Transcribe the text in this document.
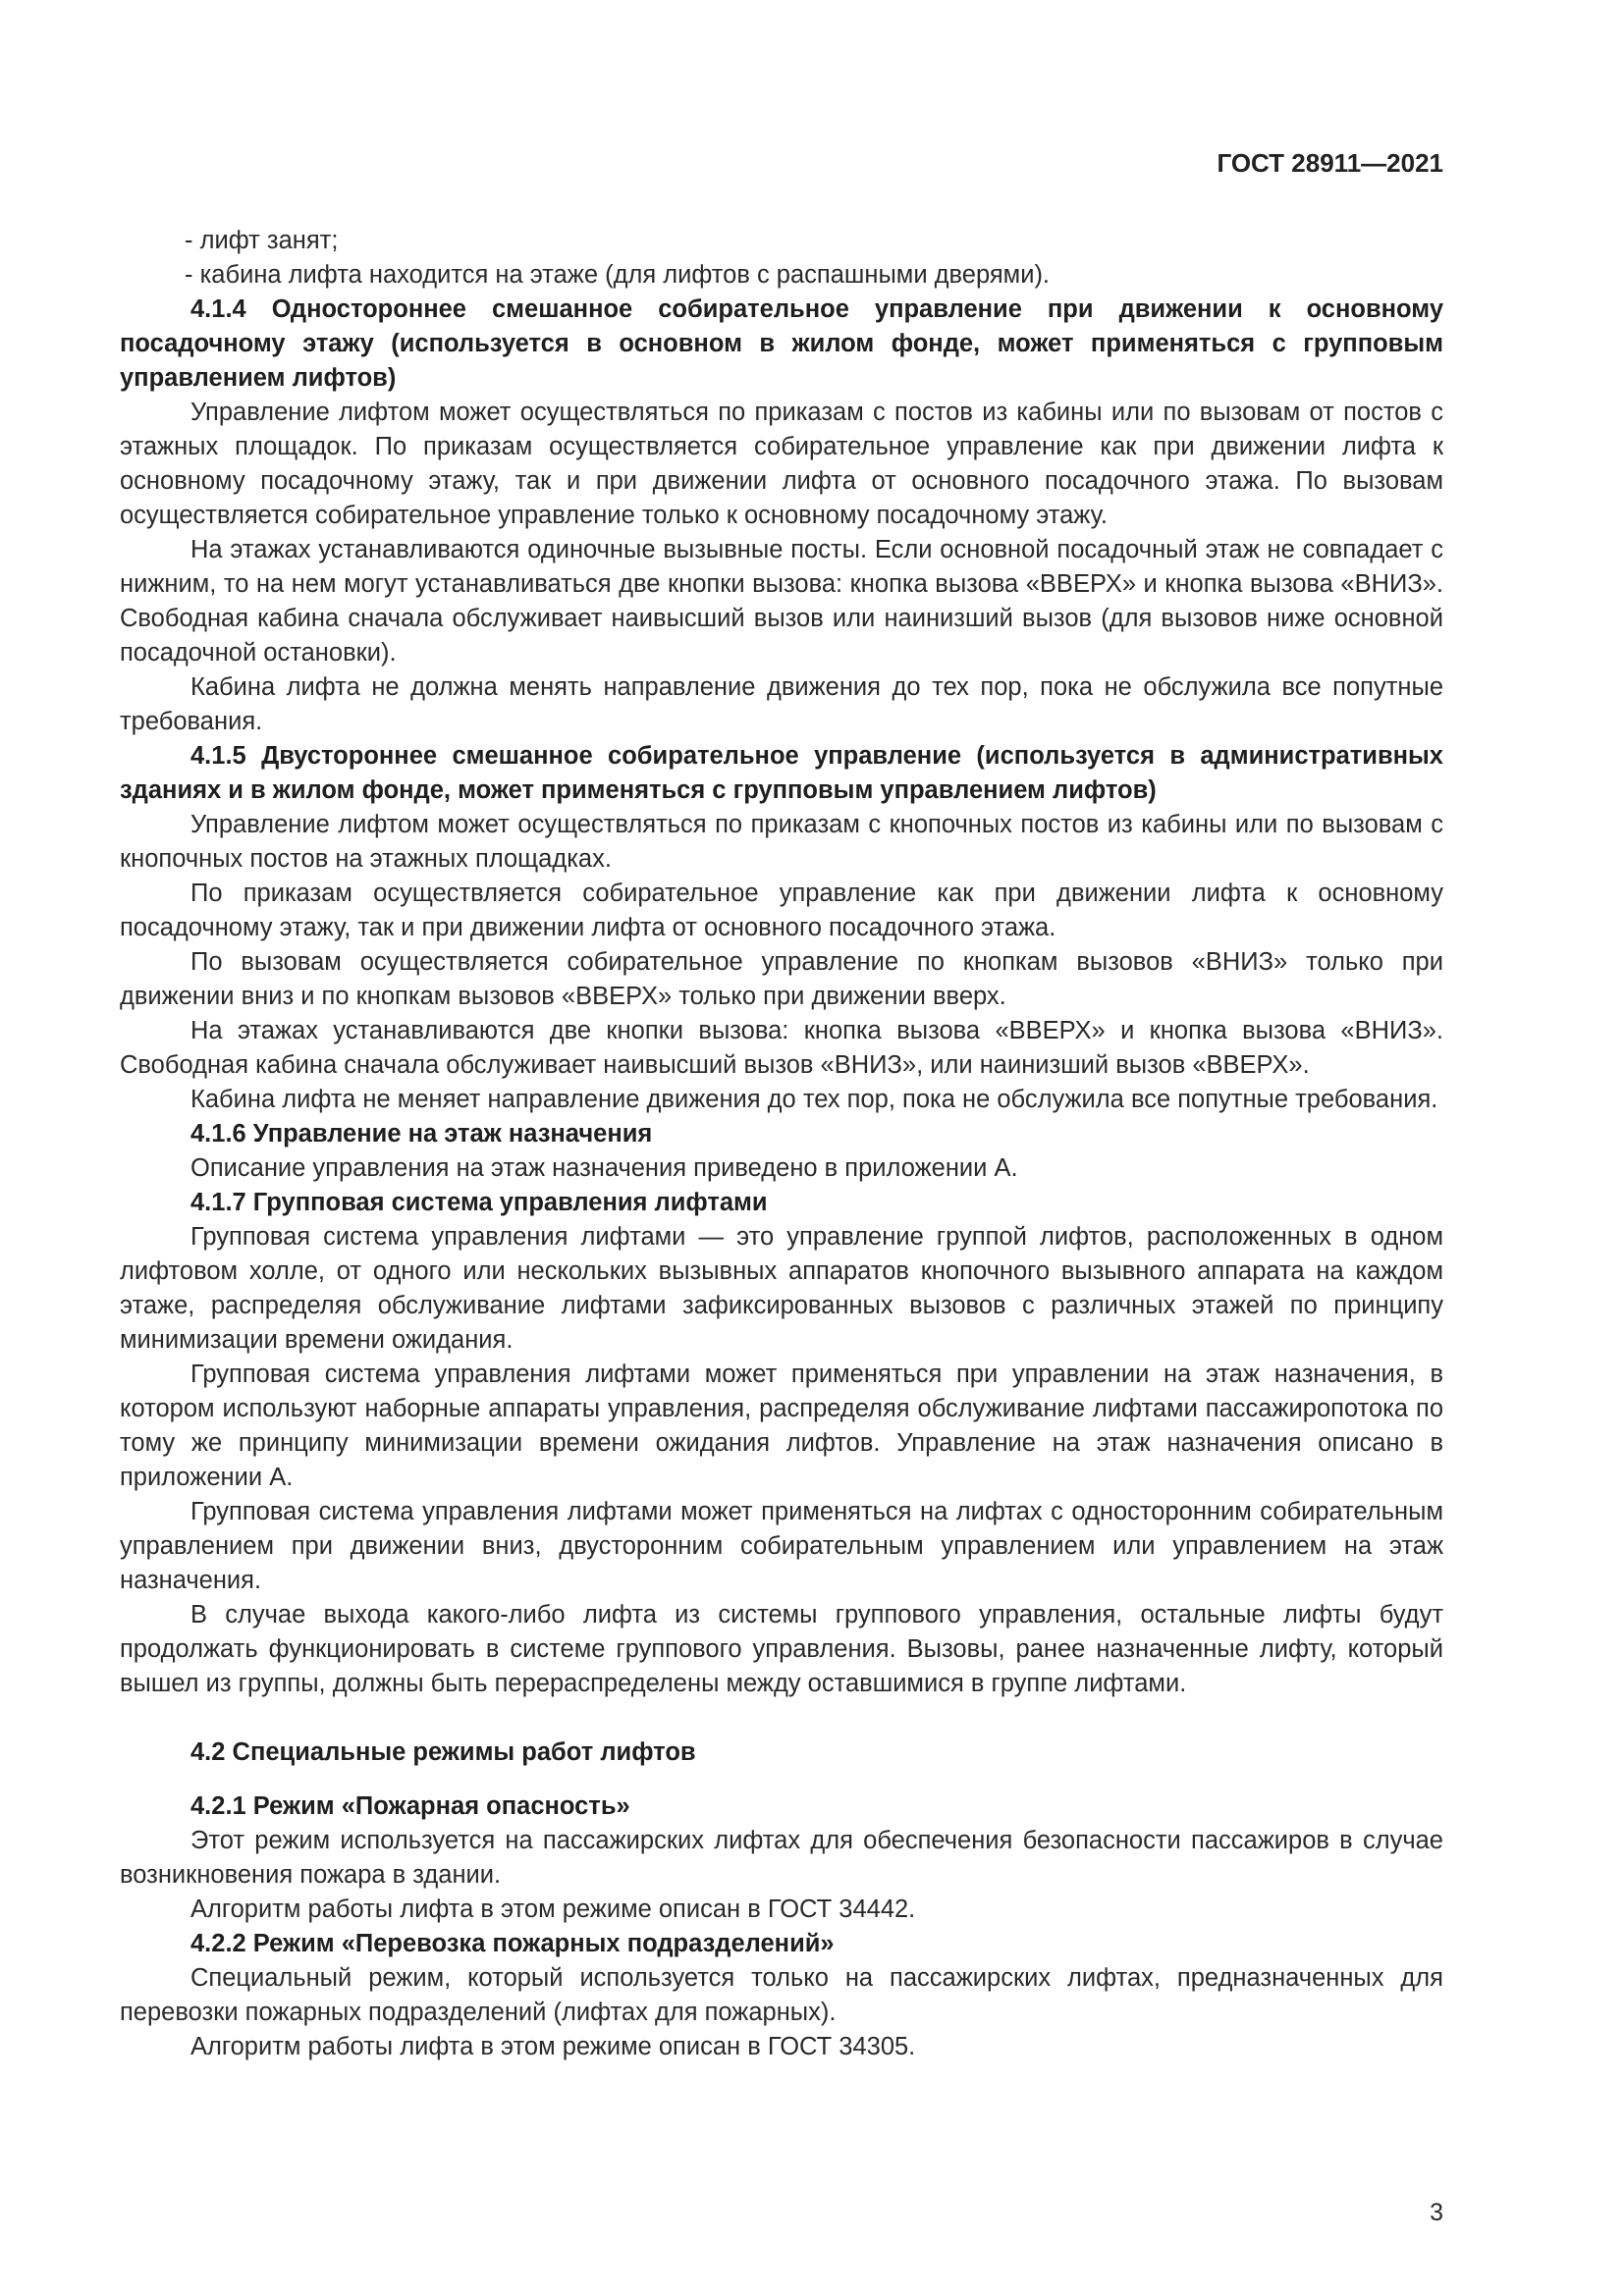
ГОСТ 28911—2021

- лифт занят;

- кабина лифта находится на этаже (для лифтов с распашными дверями).

4.1.4 Одностороннее смешанное собирательное управление при движении к основному посадочному этажу (используется в основном в жилом фонде, может применяться с групповым управлением лифтов)

Управление лифтом может осуществляться по приказам с постов из кабины или по вызовам от постов с этажных площадок. По приказам осуществляется собирательное управление как при движении лифта к основному посадочному этажу, так и при движении лифта от основного посадочного этажа. По вызовам осуществляется собирательное управление только к основному посадочному этажу.

На этажах устанавливаются одиночные вызывные посты. Если основной посадочный этаж не совпадает с нижним, то на нем могут устанавливаться две кнопки вызова: кнопка вызова «ВВЕРХ» и кнопка вызова «ВНИЗ». Свободная кабина сначала обслуживает наивысший вызов или наинизший вызов (для вызовов ниже основной посадочной остановки).

Кабина лифта не должна менять направление движения до тех пор, пока не обслужила все попутные требования.

4.1.5 Двустороннее смешанное собирательное управление (используется в административных зданиях и в жилом фонде, может применяться с групповым управлением лифтов)

Управление лифтом может осуществляться по приказам с кнопочных постов из кабины или по вызовам с кнопочных постов на этажных площадках.

По приказам осуществляется собирательное управление как при движении лифта к основному посадочному этажу, так и при движении лифта от основного посадочного этажа.

По вызовам осуществляется собирательное управление по кнопкам вызовов «ВНИЗ» только при движении вниз и по кнопкам вызовов «ВВЕРХ» только при движении вверх.

На этажах устанавливаются две кнопки вызова: кнопка вызова «ВВЕРХ» и кнопка вызова «ВНИЗ». Свободная кабина сначала обслуживает наивысший вызов «ВНИЗ», или наинизший вызов «ВВЕРХ».

Кабина лифта не меняет направление движения до тех пор, пока не обслужила все попутные требования.

4.1.6 Управление на этаж назначения

Описание управления на этаж назначения приведено в приложении А.

4.1.7 Групповая система управления лифтами

Групповая система управления лифтами — это управление группой лифтов, расположенных в одном лифтовом холле, от одного или нескольких вызывных аппаратов кнопочного вызывного аппарата на каждом этаже, распределяя обслуживание лифтами зафиксированных вызовов с различных этажей по принципу минимизации времени ожидания.

Групповая система управления лифтами может применяться при управлении на этаж назначения, в котором используют наборные аппараты управления, распределяя обслуживание лифтами пассажиропотока по тому же принципу минимизации времени ожидания лифтов. Управление на этаж назначения описано в приложении А.

Групповая система управления лифтами может применяться на лифтах с односторонним собирательным управлением при движении вниз, двусторонним собирательным управлением или управлением на этаж назначения.

В случае выхода какого-либо лифта из системы группового управления, остальные лифты будут продолжать функционировать в системе группового управления. Вызовы, ранее назначенные лифту, который вышел из группы, должны быть перераспределены между оставшимися в группе лифтами.

4.2 Специальные режимы работ лифтов

4.2.1 Режим «Пожарная опасность»

Этот режим используется на пассажирских лифтах для обеспечения безопасности пассажиров в случае возникновения пожара в здании.

Алгоритм работы лифта в этом режиме описан в ГОСТ 34442.

4.2.2 Режим «Перевозка пожарных подразделений»

Специальный режим, который используется только на пассажирских лифтах, предназначенных для перевозки пожарных подразделений (лифтах для пожарных).

Алгоритм работы лифта в этом режиме описан в ГОСТ 34305.

3
